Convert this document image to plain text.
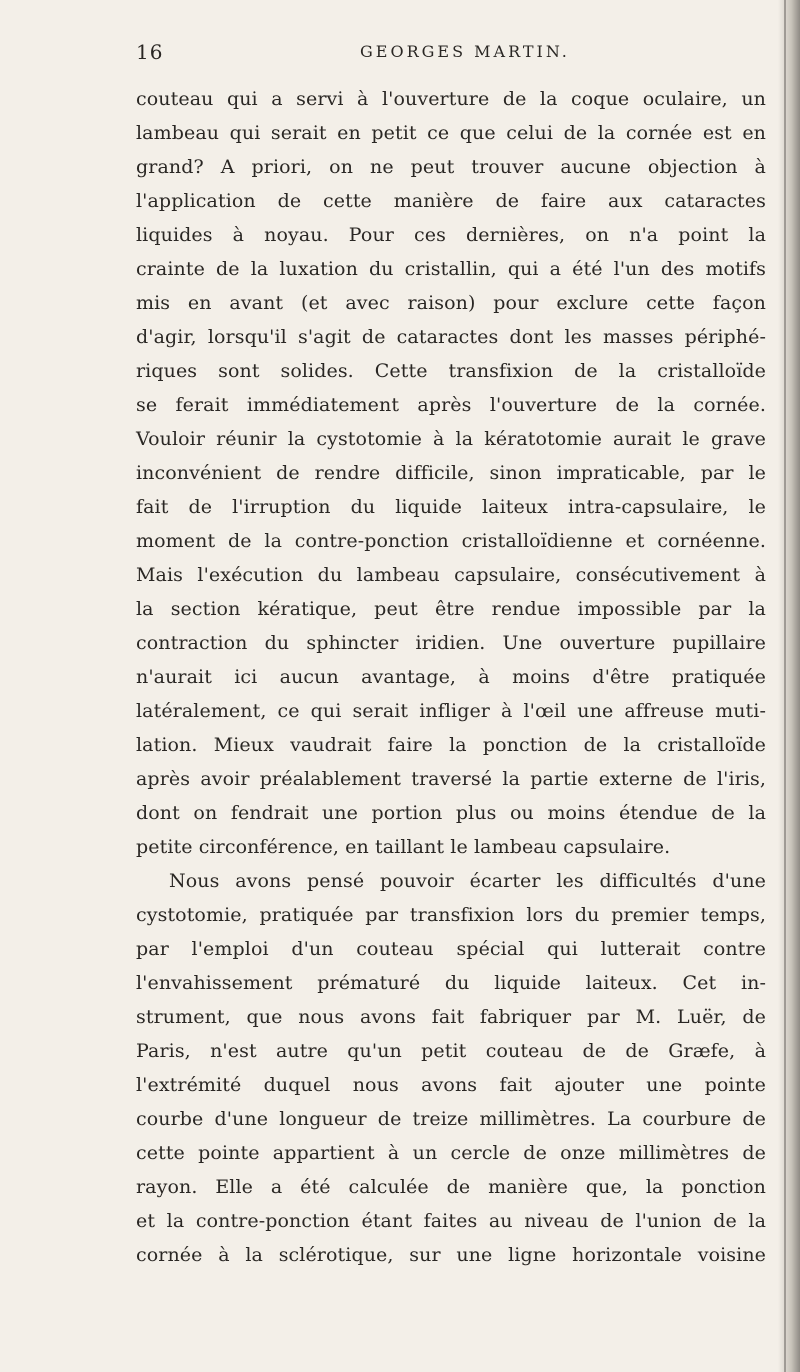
16	GEORGES MARTIN.
couteau qui a servi à l'ouverture de la coque oculaire, un
lambeau qui serait en petit ce que celui de la cornée est en
grand? A priori, on ne peut trouver aucune objection à
l'application de cette manière de faire aux cataractes
liquides à noyau. Pour ces dernières, on n'a point la
crainte de la luxation du cristallin, qui a été l'un des motifs
mis en avant (et avec raison) pour exclure cette façon
d'agir, lorsqu'il s'agit de cataractes dont les masses périphé-
riques sont solides. Cette transfixion de la cristalloïde
se ferait immédiatement après l'ouverture de la cornée.
Vouloir réunir la cystotomie à la kératotomie aurait le grave
inconvénient de rendre difficile, sinon impraticable, par le
fait de l'irruption du liquide laiteux intra-capsulaire, le
moment de la contre-ponction cristalloïdienne et cornéenne.
Mais l'exécution du lambeau capsulaire, consécutivement à
la section kératique, peut être rendue impossible par la
contraction du sphincter iridien. Une ouverture pupillaire
n'aurait ici aucun avantage, à moins d'être pratiquée
latéralement, ce qui serait infliger à l'œil une affreuse muti-
lation. Mieux vaudrait faire la ponction de la cristalloïde
après avoir préalablement traversé la partie externe de l'iris,
dont on fendrait une portion plus ou moins étendue de la
petite circonférence, en taillant le lambeau capsulaire.
Nous avons pensé pouvoir écarter les difficultés d'une
cystotomie, pratiquée par transfixion lors du premier temps,
par l'emploi d'un couteau spécial qui lutterait contre
l'envahissement prématuré du liquide laiteux. Cet in-
strument, que nous avons fait fabriquer par M. Luër, de
Paris, n'est autre qu'un petit couteau de de Græfe, à
l'extrémité duquel nous avons fait ajouter une pointe
courbe d'une longueur de treize millimètres. La courbure de
cette pointe appartient à un cercle de onze millimètres de
rayon. Elle a été calculée de manière que, la ponction
et la contre-ponction étant faites au niveau de l'union de la
cornée à la sclérotique, sur une ligne horizontale voisine
